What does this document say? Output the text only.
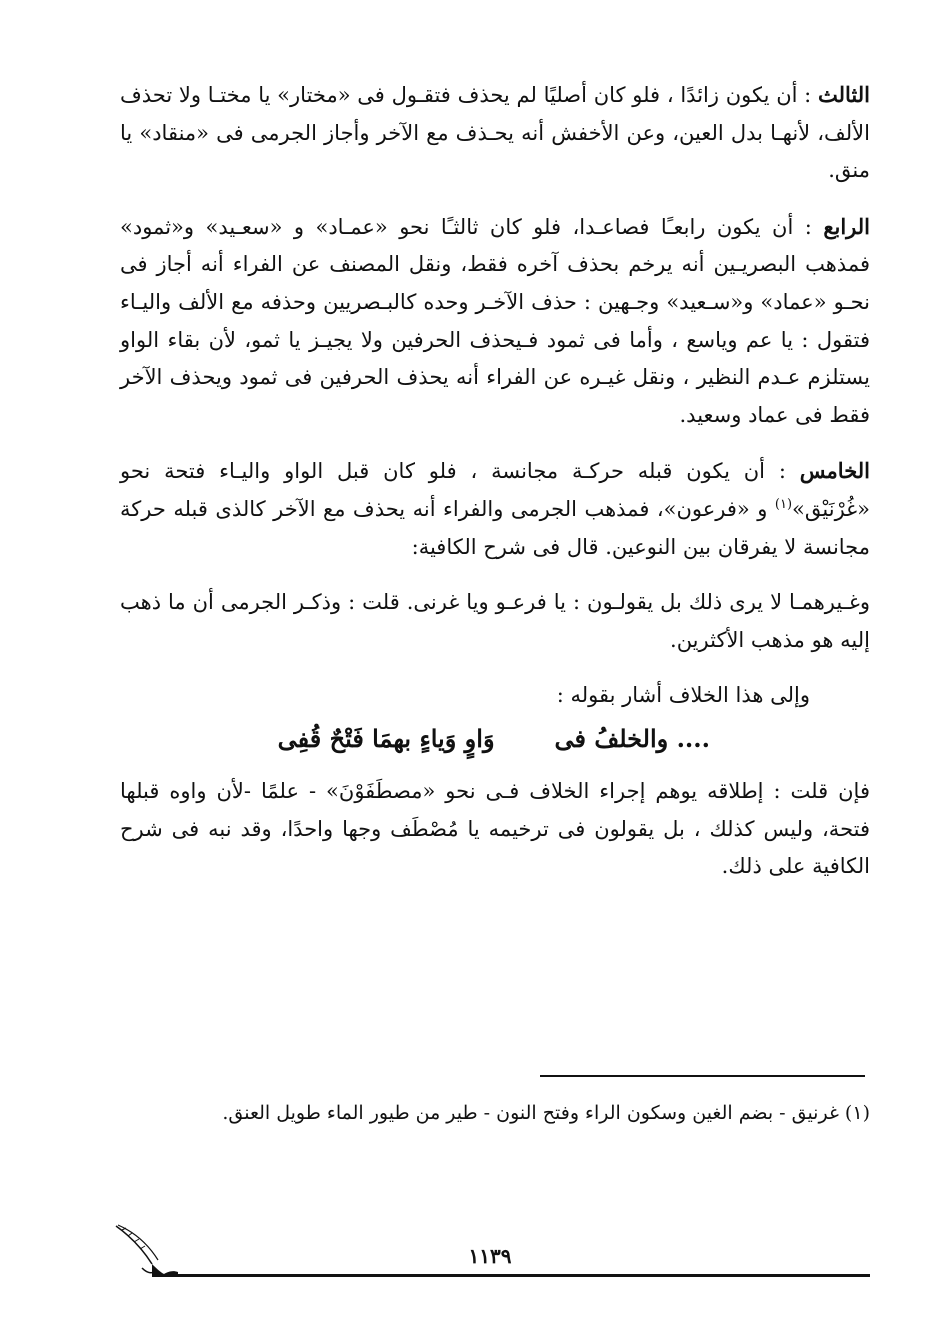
الثالث : أن يكون زائدًا ، فلو كان أصليًا لم يحذف فتقـول فى «مختار» يا مختـا ولا تحذف الألف، لأنهـا بدل العين، وعن الأخفش أنه يحـذف مع الآخر وأجاز الجرمى فى «منقاد» يا منق.

الرابع : أن يكون رابعـًا فصاعـدا، فلو كان ثالثـًا نحو «عمـاد» و «سعـيد» و«ثمود» فمذهب البصريـين أنه يرخم بحذف آخره فقط، ونقل المصنف عن الفراء أنه أجاز فى نحـو «عماد» و«سـعيد» وجـهين : حذف الآخـر وحده كالبـصريين وحذفه مع الألف واليـاء فتقول : يا عم وياسع ، وأما فى ثمود فـيحذف الحرفين ولا يجيـز يا ثمو، لأن بقاء الواو يستلزم عـدم النظير ، ونقل غيـره عن الفراء أنه يحذف الحرفين فى ثمود ويحذف الآخر فقط فى عماد وسعيد.

الخامس : أن يكون قبله حركـة مجانسة ، فلو كان قبل الواو واليـاء فتحة نحو «غُرْنَيْق»$^{(١)}$ و «فرعون»، فمذهب الجرمى والفراء أنه يحذف مع الآخر كالذى قبله حركة مجانسة لا يفرقان بين النوعين. قال فى شرح الكافية:

وغـيرهمـا لا يرى ذلك بل يقولـون : يا فرعـو ويا غرنى. قلت : وذكـر الجرمى أن ما ذهب إليه هو مذهب الأكثرين.

وإلى هذا الخلاف أشار بقوله :

.... والخلفُ فى
وَاوٍ وَياءٍ بهمَا فَتْحٌ قُفِى

فإن قلت : إطلاقه يوهم إجراء الخلاف فـى نحو «مصطَفَوْنَ» - علمًا -لأن واوه قبلها فتحة، وليس كذلك ، بل يقولون فى ترخيمه يا مُصْطَف وجها واحدًا، وقد نبه فى شرح الكافية على ذلك.

(١) غرنيق - بضم الغين وسكون الراء وفتح النون - طير من طيور الماء طويل العنق.
١١٣٩
